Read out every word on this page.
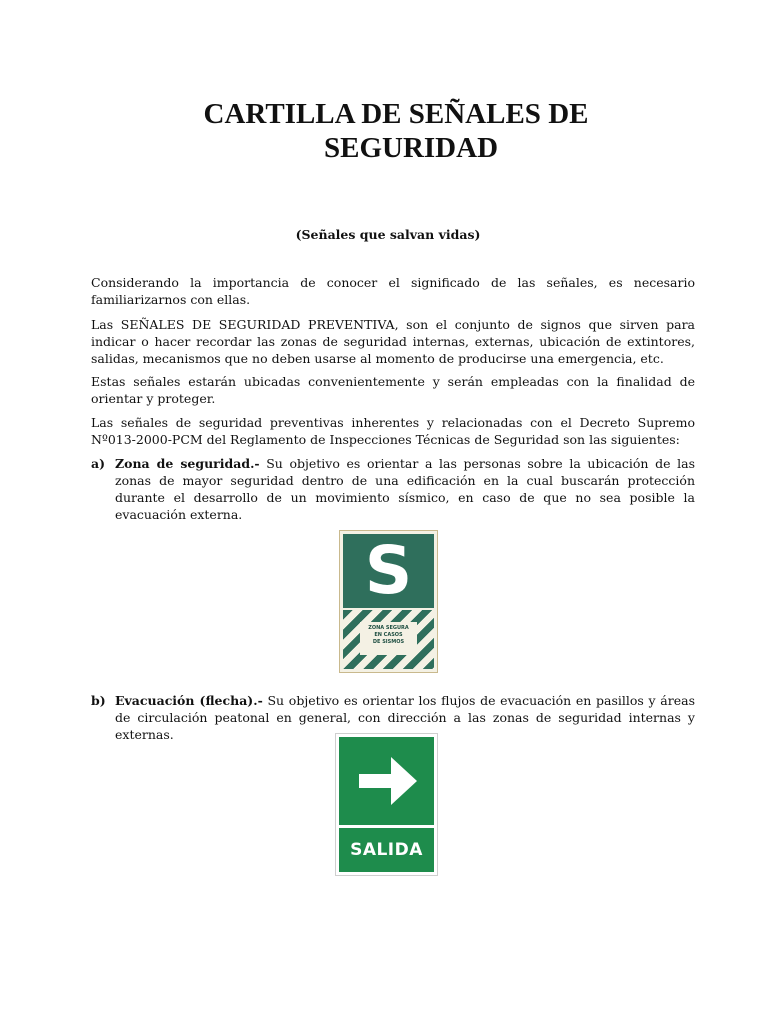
CARTILLA DE SEÑALES DE
SEGURIDAD
(Señales que salvan vidas)

Considerando la importancia de conocer el significado de las señales, es necesario familiarizarnos con ellas.

Las SEÑALES DE SEGURIDAD PREVENTIVA, son el conjunto de signos que sirven para indicar o hacer recordar las zonas de seguridad internas, externas, ubicación de extintores, salidas, mecanismos que no deben usarse al momento de producirse una emergencia, etc.

Estas señales estarán ubicadas convenientemente y serán empleadas con la finalidad de orientar y proteger.

Las señales de seguridad preventivas inherentes y relacionadas con el Decreto Supremo Nº013-2000-PCM del Reglamento de Inspecciones Técnicas de Seguridad son las siguientes:

a) Zona de seguridad.- Su objetivo es orientar a las personas sobre la ubicación de las zonas de mayor seguridad dentro de una edificación en la cual buscarán protección durante el desarrollo de un movimiento sísmico, en caso de que no sea posible la evacuación externa.
S
ZONA SEGURA
EN CASOS
DE SISMOS
b) Evacuación (flecha).- Su objetivo es orientar los flujos de evacuación en pasillos y áreas de circulación peatonal en general, con dirección a las zonas de seguridad internas y externas.
SALIDA
